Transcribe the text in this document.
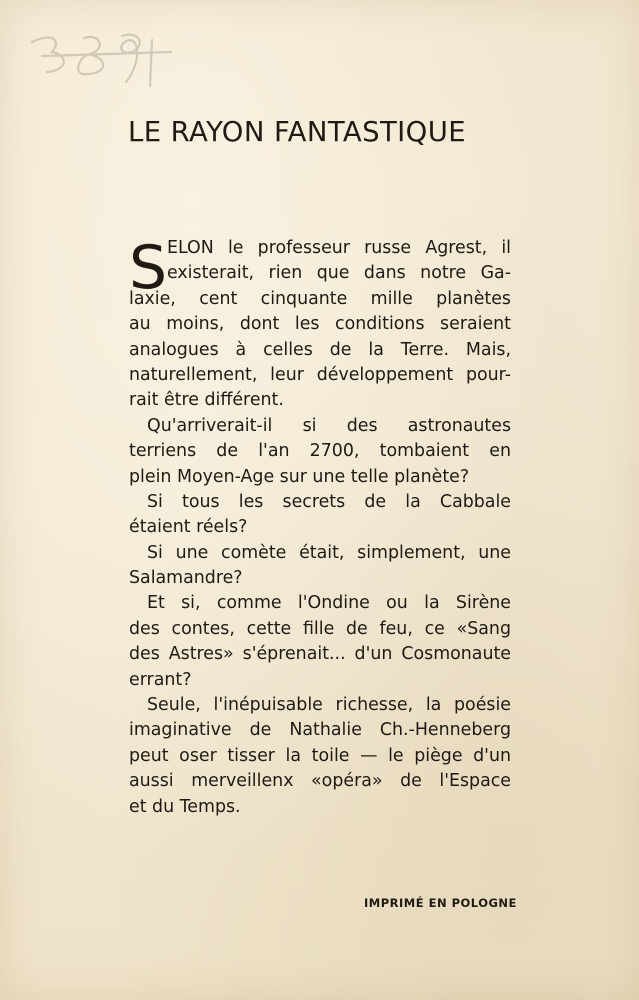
LE RAYON FANTASTIQUE
S ELON le professeur russe Agrest, il
existerait, rien que dans notre Ga-
laxie, cent cinquante mille planètes
au moins, dont les conditions seraient
analogues à celles de la Terre. Mais,
naturellement, leur développement pour-
rait être différent.
Qu'arriverait-il si des astronautes
terriens de l'an 2700, tombaient en
plein Moyen-Age sur une telle planète?
Si tous les secrets de la Cabbale
étaient réels?
Si une comète était, simplement, une
Salamandre?
Et si, comme l'Ondine ou la Sirène
des contes, cette fille de feu, ce «Sang
des Astres» s'éprenait... d'un Cosmonaute
errant?
Seule, l'inépuisable richesse, la poésie
imaginative de Nathalie Ch.-Henneberg
peut oser tisser la toile — le piège d'un
aussi merveillenx «opéra» de l'Espace
et du Temps.
IMPRIMÉ EN POLOGNE
